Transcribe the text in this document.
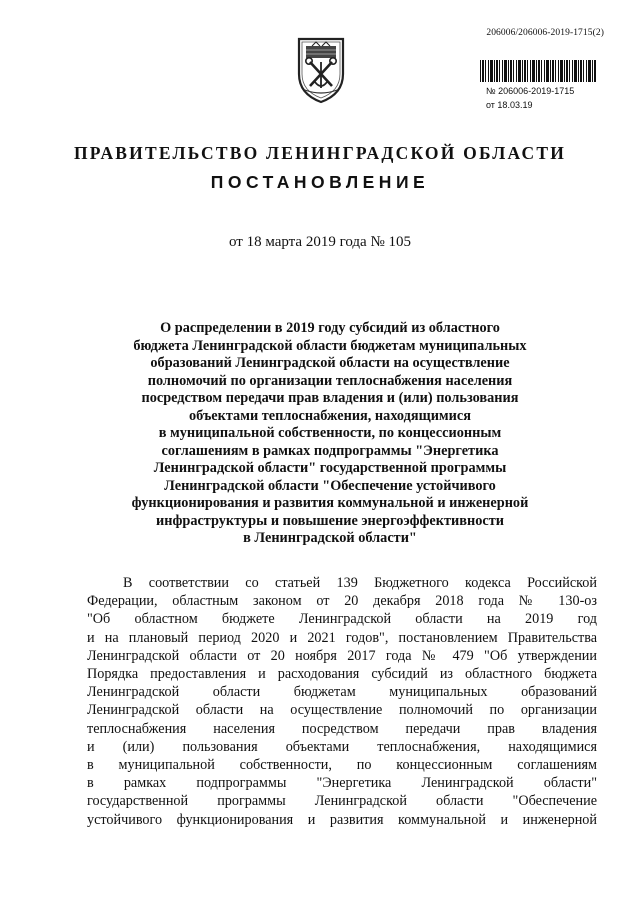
206006/206006-2019-1715(2)
№ 206006-2019-1715
от 18.03.19
ПРАВИТЕЛЬСТВО ЛЕНИНГРАДСКОЙ ОБЛАСТИ
ПОСТАНОВЛЕНИЕ
от 18 марта 2019 года № 105
О распределении в 2019 году субсидий из областного
бюджета Ленинградской области бюджетам муниципальных
образований Ленинградской области на осуществление
полномочий по организации теплоснабжения населения
посредством передачи прав владения и (или) пользования
объектами теплоснабжения, находящимися
в муниципальной собственности, по концессионным
соглашениям в рамках подпрограммы "Энергетика
Ленинградской области" государственной программы
Ленинградской области "Обеспечение устойчивого
функционирования и развития коммунальной и инженерной
инфраструктуры и повышение энергоэффективности
в Ленинградской области"
В соответствии со статьей 139 Бюджетного кодекса Российской
Федерации, областным законом от 20 декабря 2018 года № 130-оз
"Об областном бюджете Ленинградской области на 2019 год
и на плановый период 2020 и 2021 годов", постановлением Правительства
Ленинградской области от 20 ноября 2017 года № 479 "Об утверждении
Порядка предоставления и расходования субсидий из областного бюджета
Ленинградской области бюджетам муниципальных образований
Ленинградской области на осуществление полномочий по организации
теплоснабжения населения посредством передачи прав владения
и (или) пользования объектами теплоснабжения, находящимися
в муниципальной собственности, по концессионным соглашениям
в рамках подпрограммы "Энергетика Ленинградской области"
государственной программы Ленинградской области "Обеспечение
устойчивого функционирования и развития коммунальной и инженерной
